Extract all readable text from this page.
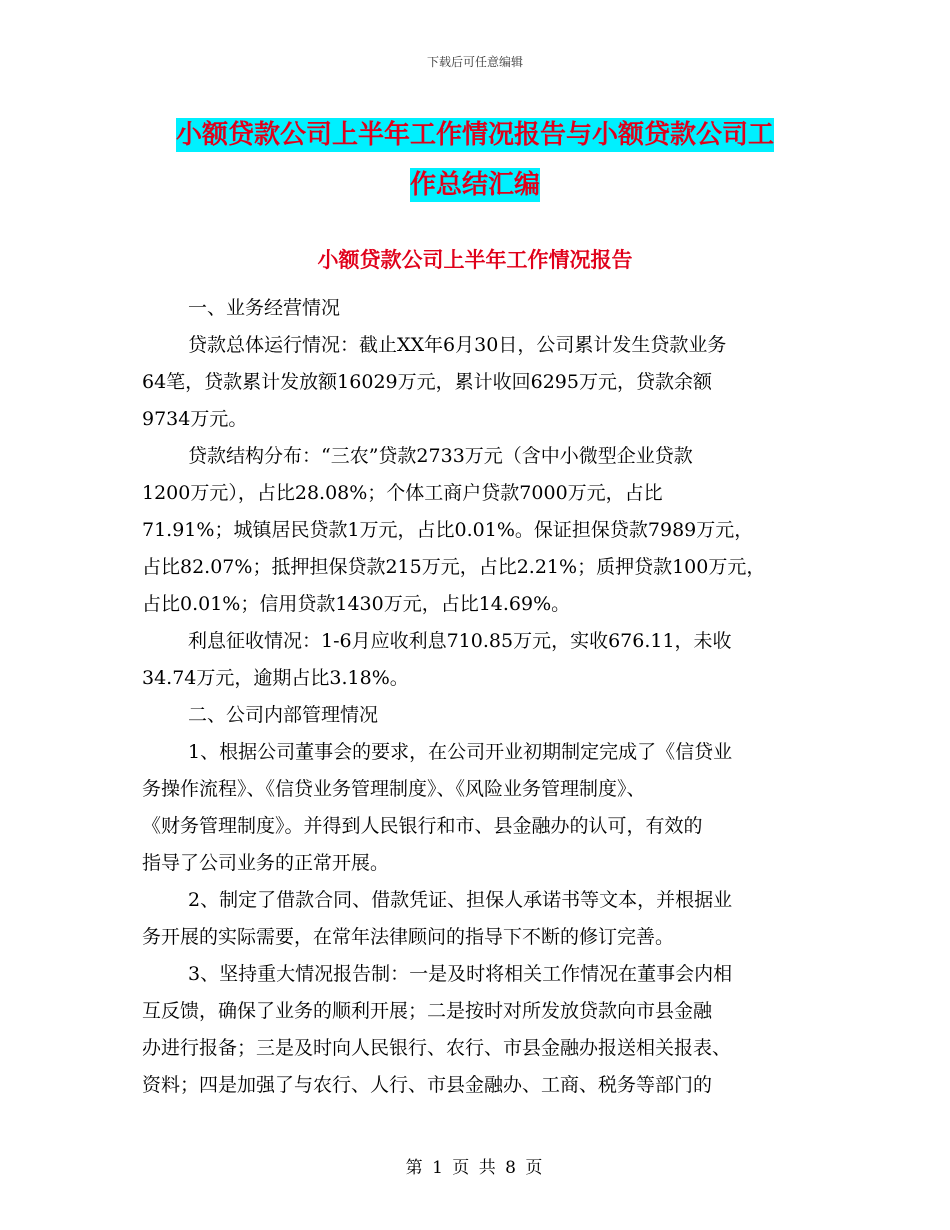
下载后可任意编辑
小额贷款公司上半年工作情况报告与小额贷款公司工
作总结汇编
小额贷款公司上半年工作情况报告
一、业务经营情况
贷款总体运行情况：截止XX年6月30日，公司累计发生贷款业务
64笔，贷款累计发放额16029万元，累计收回6295万元，贷款余额
9734万元。
贷款结构分布：“三农”贷款2733万元（含中小微型企业贷款
1200万元），占比28.08%；个体工商户贷款7000万元，占比
71.91%；城镇居民贷款1万元，占比0.01%。保证担保贷款7989万元，
占比82.07%；抵押担保贷款215万元，占比2.21%；质押贷款100万元，
占比0.01%；信用贷款1430万元，占比14.69%。
利息征收情况：1-6月应收利息710.85万元，实收676.11，未收
34.74万元，逾期占比3.18%。
二、公司内部管理情况
1、根据公司董事会的要求，在公司开业初期制定完成了《信贷业
务操作流程》、《信贷业务管理制度》、《风险业务管理制度》、
《财务管理制度》。并得到人民银行和市、县金融办的认可，有效的
指导了公司业务的正常开展。
2、制定了借款合同、借款凭证、担保人承诺书等文本，并根据业
务开展的实际需要，在常年法律顾问的指导下不断的修订完善。
3、坚持重大情况报告制：一是及时将相关工作情况在董事会内相
互反馈，确保了业务的顺利开展；二是按时对所发放贷款向市县金融
办进行报备；三是及时向人民银行、农行、市县金融办报送相关报表、
资料；四是加强了与农行、人行、市县金融办、工商、税务等部门的
第 1 页 共 8 页
